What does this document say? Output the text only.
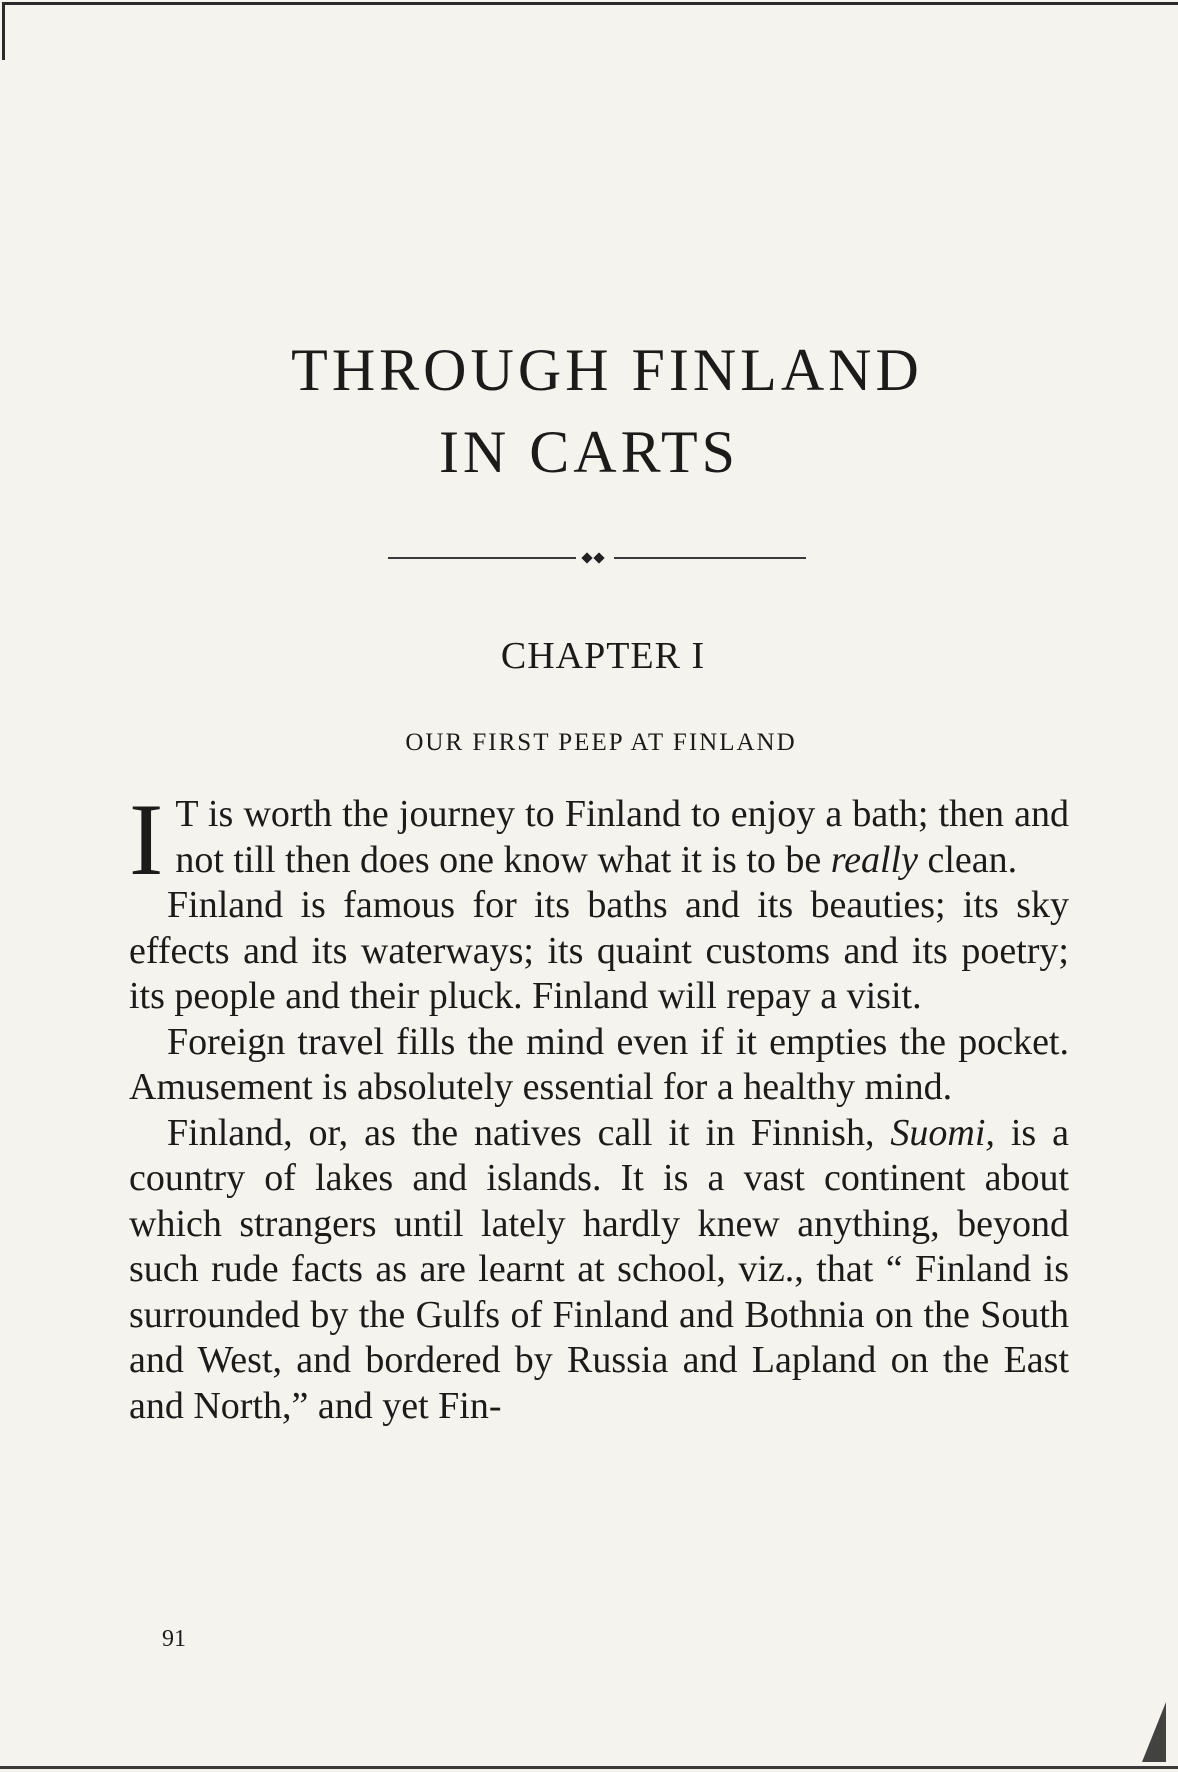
THROUGH FINLAND
IN CARTS
CHAPTER I
OUR FIRST PEEP AT FINLAND

I T is worth the journey to Finland to enjoy a bath; then and not till then does one know what it is to be really clean.

Finland is famous for its baths and its beauties; its sky effects and its waterways; its quaint customs and its poetry; its people and their pluck. Finland will repay a visit.

Foreign travel fills the mind even if it empties the pocket. Amusement is absolutely essential for a healthy mind.

Finland, or, as the natives call it in Finnish, Suomi, is a country of lakes and islands. It is a vast continent about which strangers until lately hardly knew anything, beyond such rude facts as are learnt at school, viz., that “ Finland is surrounded by the Gulfs of Finland and Bothnia on the South and West, and bordered by Russia and Lapland on the East and North,” and yet Fin-

91
